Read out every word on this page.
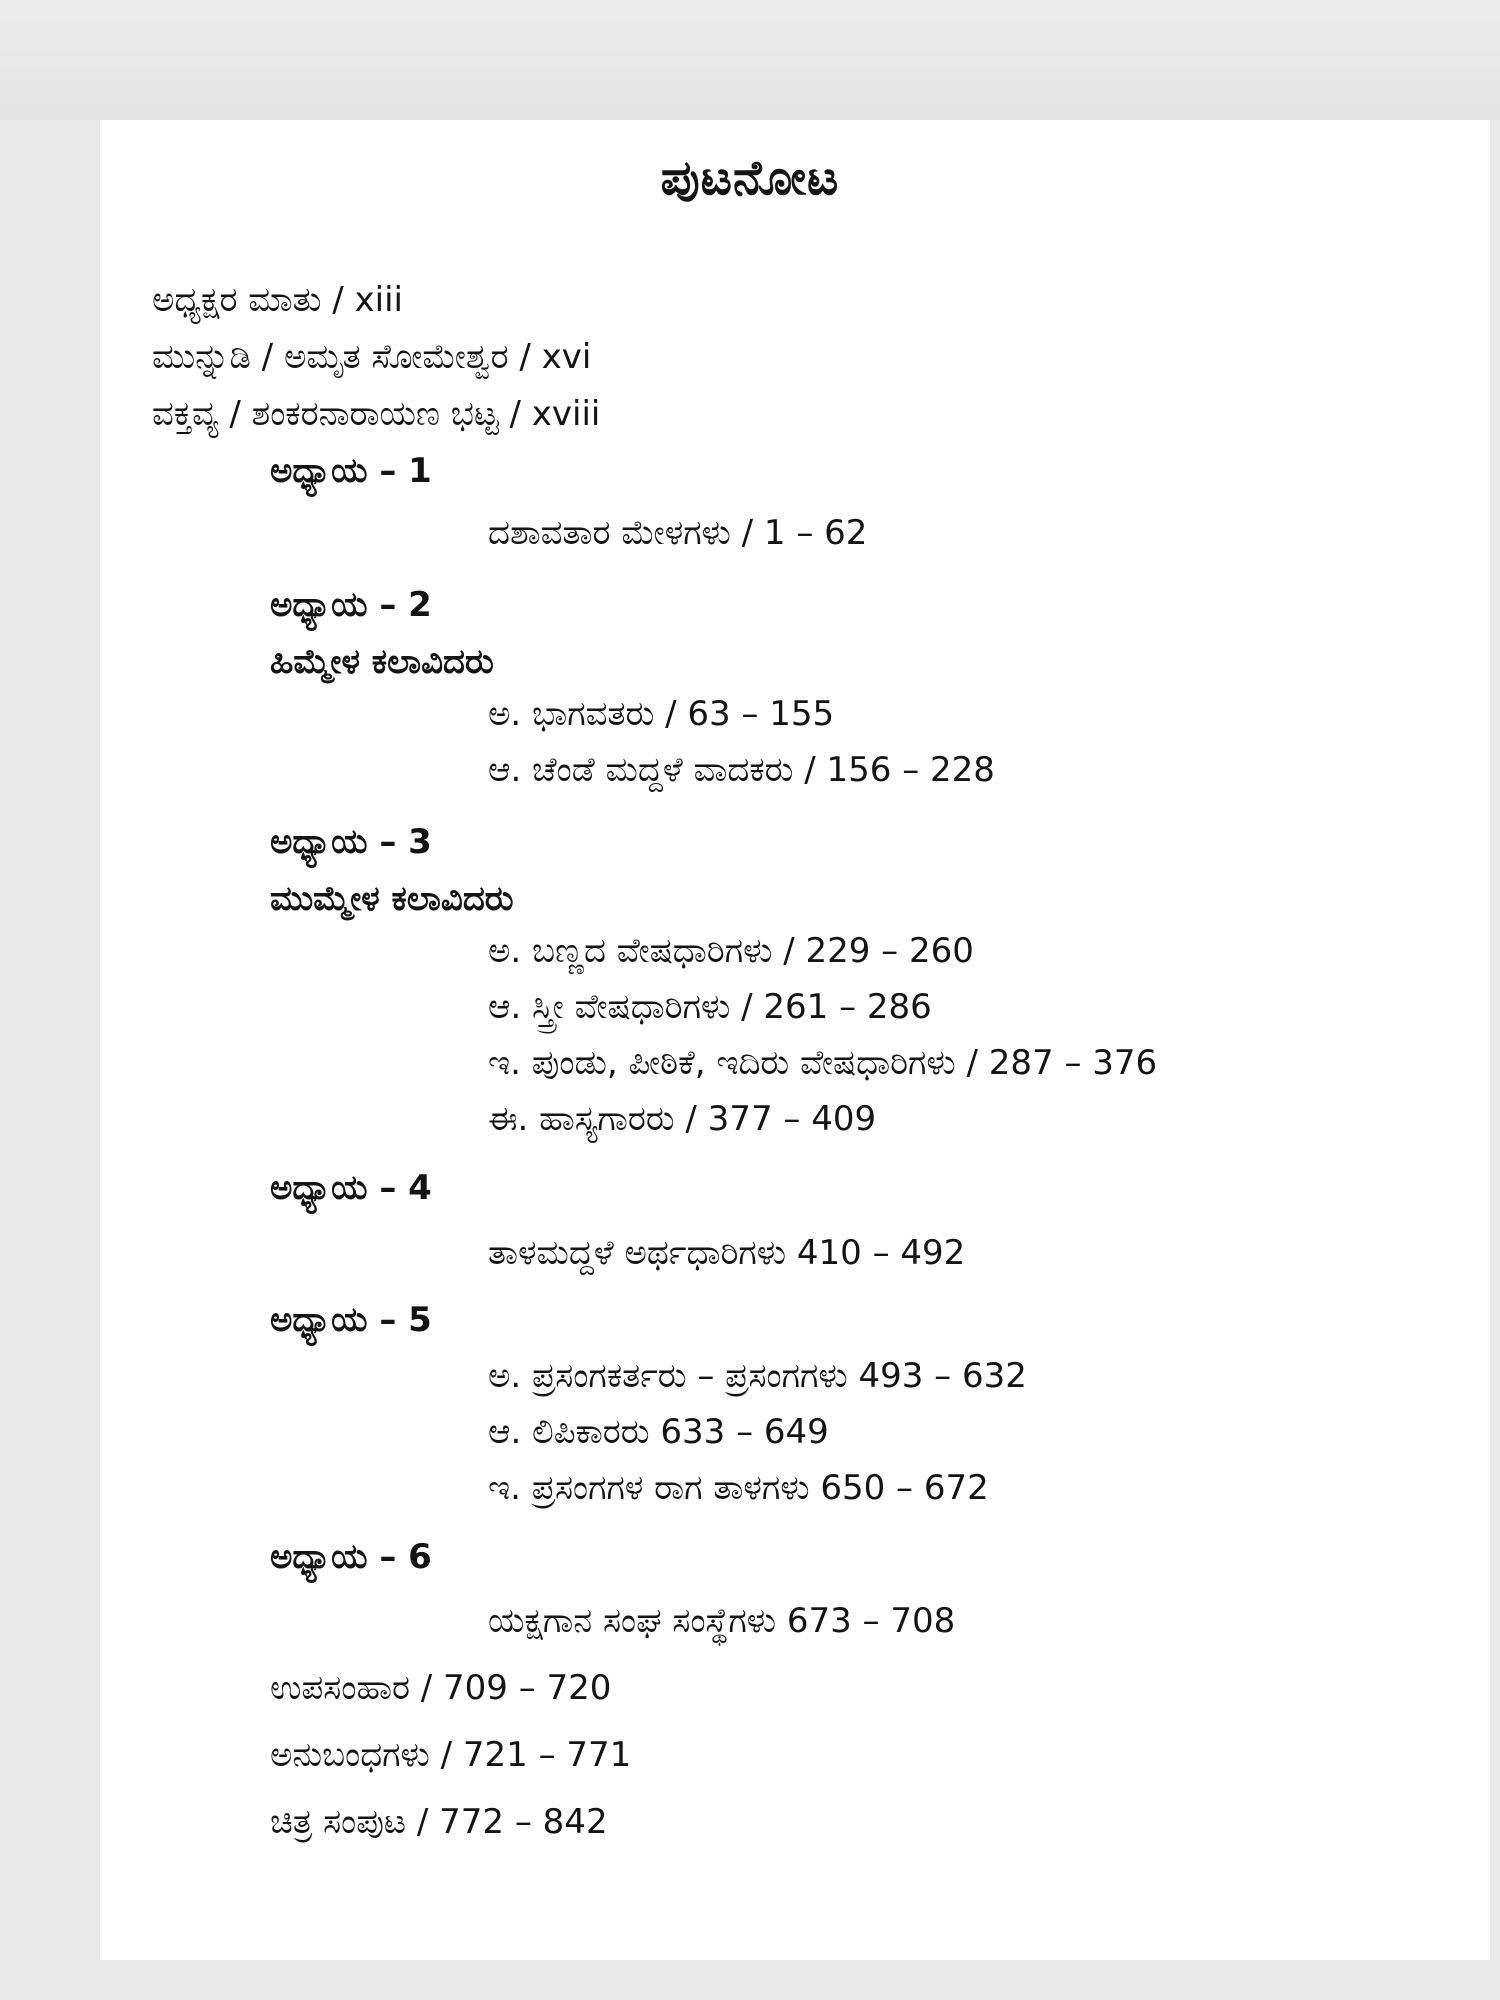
ಪುಟನೋಟ
ಅಧ್ಯಕ್ಷರ ಮಾತು / xiii
ಮುನ್ನುಡಿ / ಅಮೃತ ಸೋಮೇಶ್ವರ / xvi
ವಕ್ತವ್ಯ / ಶಂಕರನಾರಾಯಣ ಭಟ್ಟ / xviii
ಅಧ್ಯಾಯ – 1
ದಶಾವತಾರ ಮೇಳಗಳು / 1 – 62
ಅಧ್ಯಾಯ – 2
ಹಿಮ್ಮೇಳ ಕಲಾವಿದರು
ಅ. ಭಾಗವತರು / 63 – 155
ಆ. ಚೆಂಡೆ ಮದ್ದಳೆ ವಾದಕರು / 156 – 228
ಅಧ್ಯಾಯ – 3
ಮುಮ್ಮೇಳ ಕಲಾವಿದರು
ಅ. ಬಣ್ಣದ ವೇಷಧಾರಿಗಳು / 229 – 260
ಆ. ಸ್ತ್ರೀ ವೇಷಧಾರಿಗಳು / 261 – 286
ಇ. ಪುಂಡು, ಪೀಠಿಕೆ, ಇದಿರು ವೇಷಧಾರಿಗಳು / 287 – 376
ಈ. ಹಾಸ್ಯಗಾರರು / 377 – 409
ಅಧ್ಯಾಯ – 4
ತಾಳಮದ್ದಳೆ ಅರ್ಥಧಾರಿಗಳು 410 – 492
ಅಧ್ಯಾಯ – 5
ಅ. ಪ್ರಸಂಗಕರ್ತರು – ಪ್ರಸಂಗಗಳು 493 – 632
ಆ. ಲಿಪಿಕಾರರು 633 – 649
ಇ. ಪ್ರಸಂಗಗಳ ರಾಗ ತಾಳಗಳು 650 – 672
ಅಧ್ಯಾಯ – 6
ಯಕ್ಷಗಾನ ಸಂಘ ಸಂಸ್ಥೆಗಳು 673 – 708
ಉಪಸಂಹಾರ / 709 – 720
ಅನುಬಂಧಗಳು / 721 – 771
ಚಿತ್ರ ಸಂಪುಟ / 772 – 842
